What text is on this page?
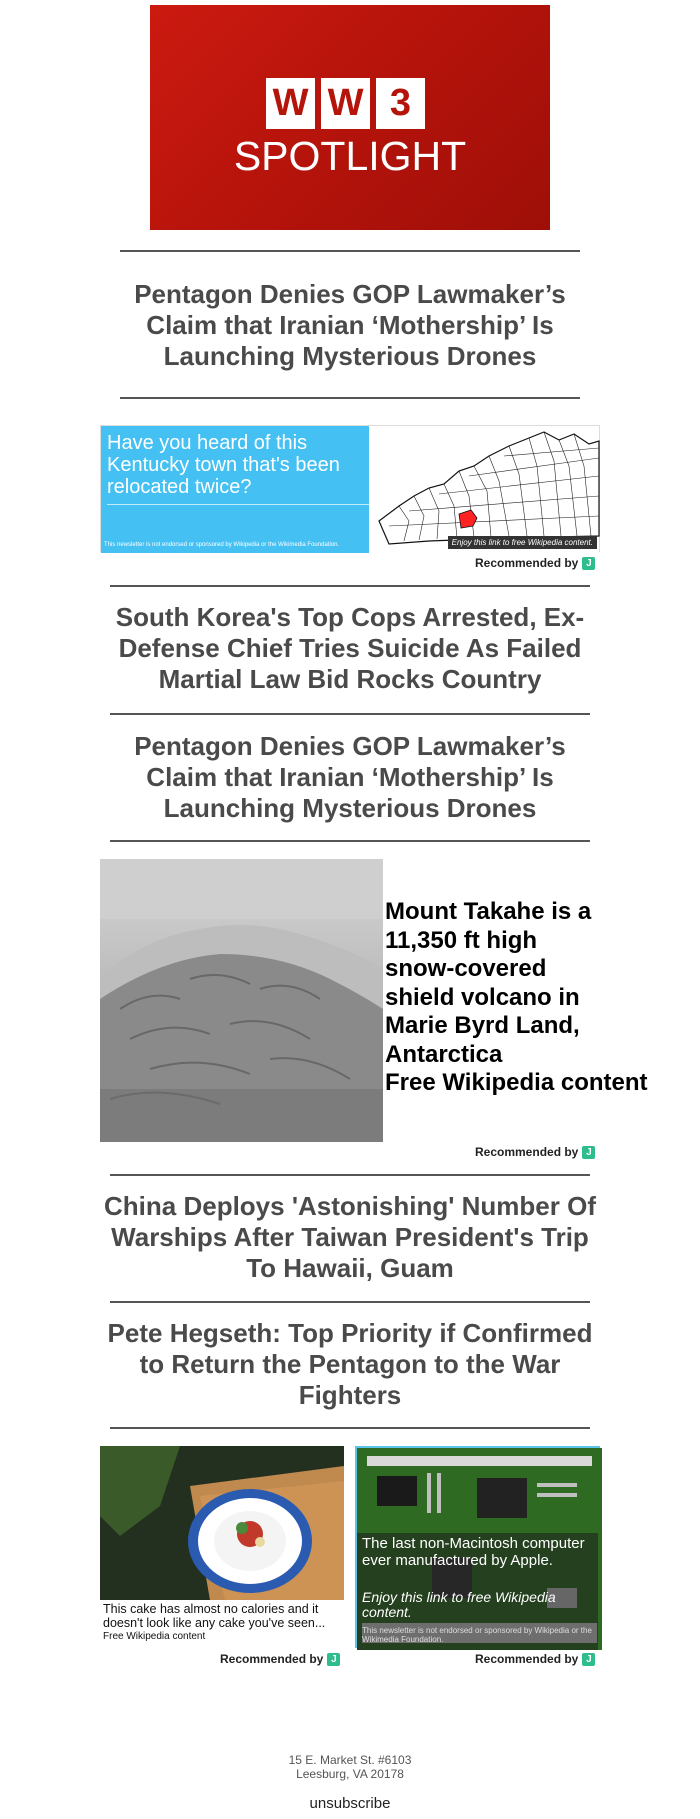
W W 3
SPOTLIGHT
Pentagon Denies GOP Lawmaker’s Claim that Iranian ‘Mothership’ Is Launching Mysterious Drones
Have you heard of this Kentucky town that's been relocated twice?
This newsletter is not endorsed or sponsored by Wikipedia or the Wikimedia Foundation.	Enjoy this link to free Wikipedia content.
Recommended by J
South Korea's Top Cops Arrested, Ex-Defense Chief Tries Suicide As Failed Martial Law Bid Rocks Country
Pentagon Denies GOP Lawmaker’s Claim that Iranian ‘Mothership’ Is Launching Mysterious Drones
Mount Takahe is a 11,350 ft high snow-covered shield volcano in Marie Byrd Land, Antarctica
Free Wikipedia content
Recommended by J
China Deploys 'Astonishing' Number Of Warships After Taiwan President's Trip To Hawaii, Guam
Pete Hegseth: Top Priority if Confirmed to Return the Pentagon to the War Fighters
This cake has almost no calories and it doesn't look like any cake you've seen...
Free Wikipedia content
Recommended by J
The last non-Macintosh computer ever manufactured by Apple.
Enjoy this link to free Wikipedia content.
This newsletter is not endorsed or sponsored by Wikipedia or the Wikimedia Foundation.
Recommended by J
15 E. Market St. #6103
Leesburg, VA 20178
unsubscribe
